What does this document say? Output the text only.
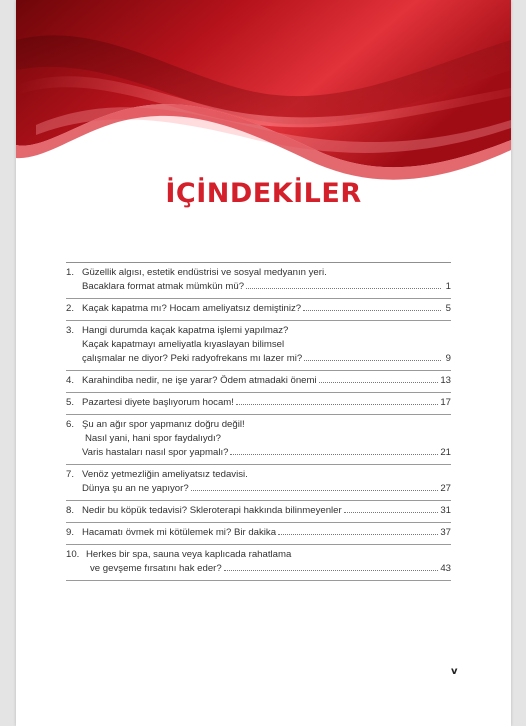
İÇİNDEKİLER
1. Güzellik algısı, estetik endüstrisi ve sosyal medyanın yeri.
Bacaklara format atmak mümkün mü?	1
2. Kaçak kapatma mı? Hocam ameliyatsız demiştiniz?	5
3. Hangi durumda kaçak kapatma işlemi yapılmaz?
Kaçak kapatmayı ameliyatla kıyaslayan bilimsel
çalışmalar ne diyor? Peki radyofrekans mı lazer mi?	9
4. Karahindiba nedir, ne işe yarar? Ödem atmadaki önemi	13
5. Pazartesi diyete başlıyorum hocam!	17
6. Şu an ağır spor yapmanız doğru değil!
Nasıl yani, hani spor faydalıydı?
Varis hastaları nasıl spor yapmalı?	21
7. Venöz yetmezliğin ameliyatsız tedavisi.
Dünya şu an ne yapıyor?	27
8. Nedir bu köpük tedavisi? Skleroterapi hakkında bilinmeyenler	31
9. Hacamatı övmek mi kötülemek mi? Bir dakika	37
10. Herkes bir spa, sauna veya kaplıcada rahatlama
ve gevşeme fırsatını hak eder?	43
v
